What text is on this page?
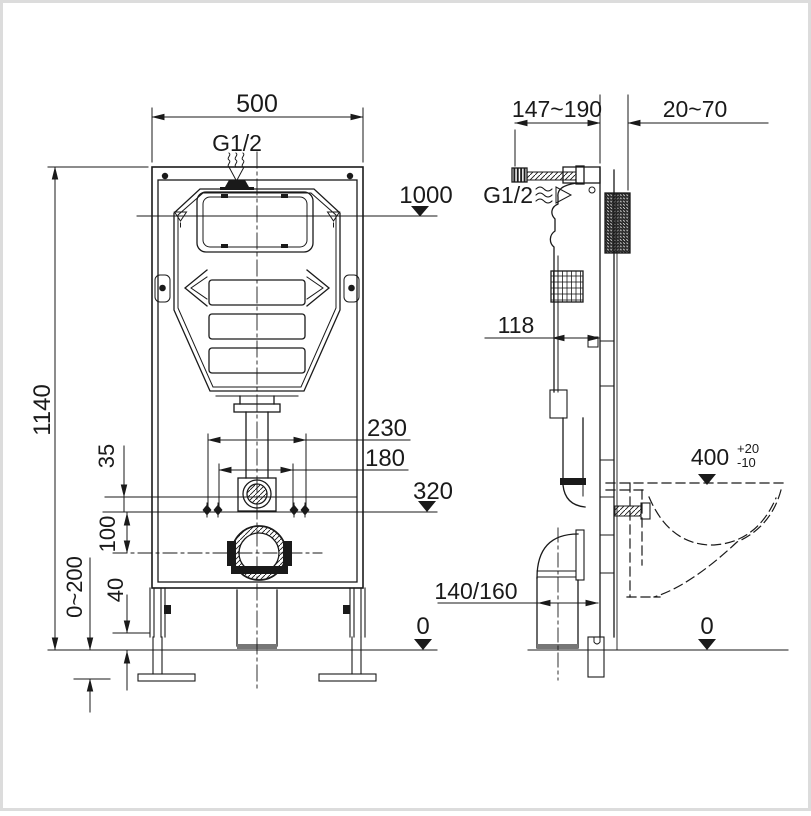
500
G1/2
1000
1140	230
180
320
35
100
0~200 40
0
147~190	20~70
G1/2
118
400 +20
-10
140/160
0
